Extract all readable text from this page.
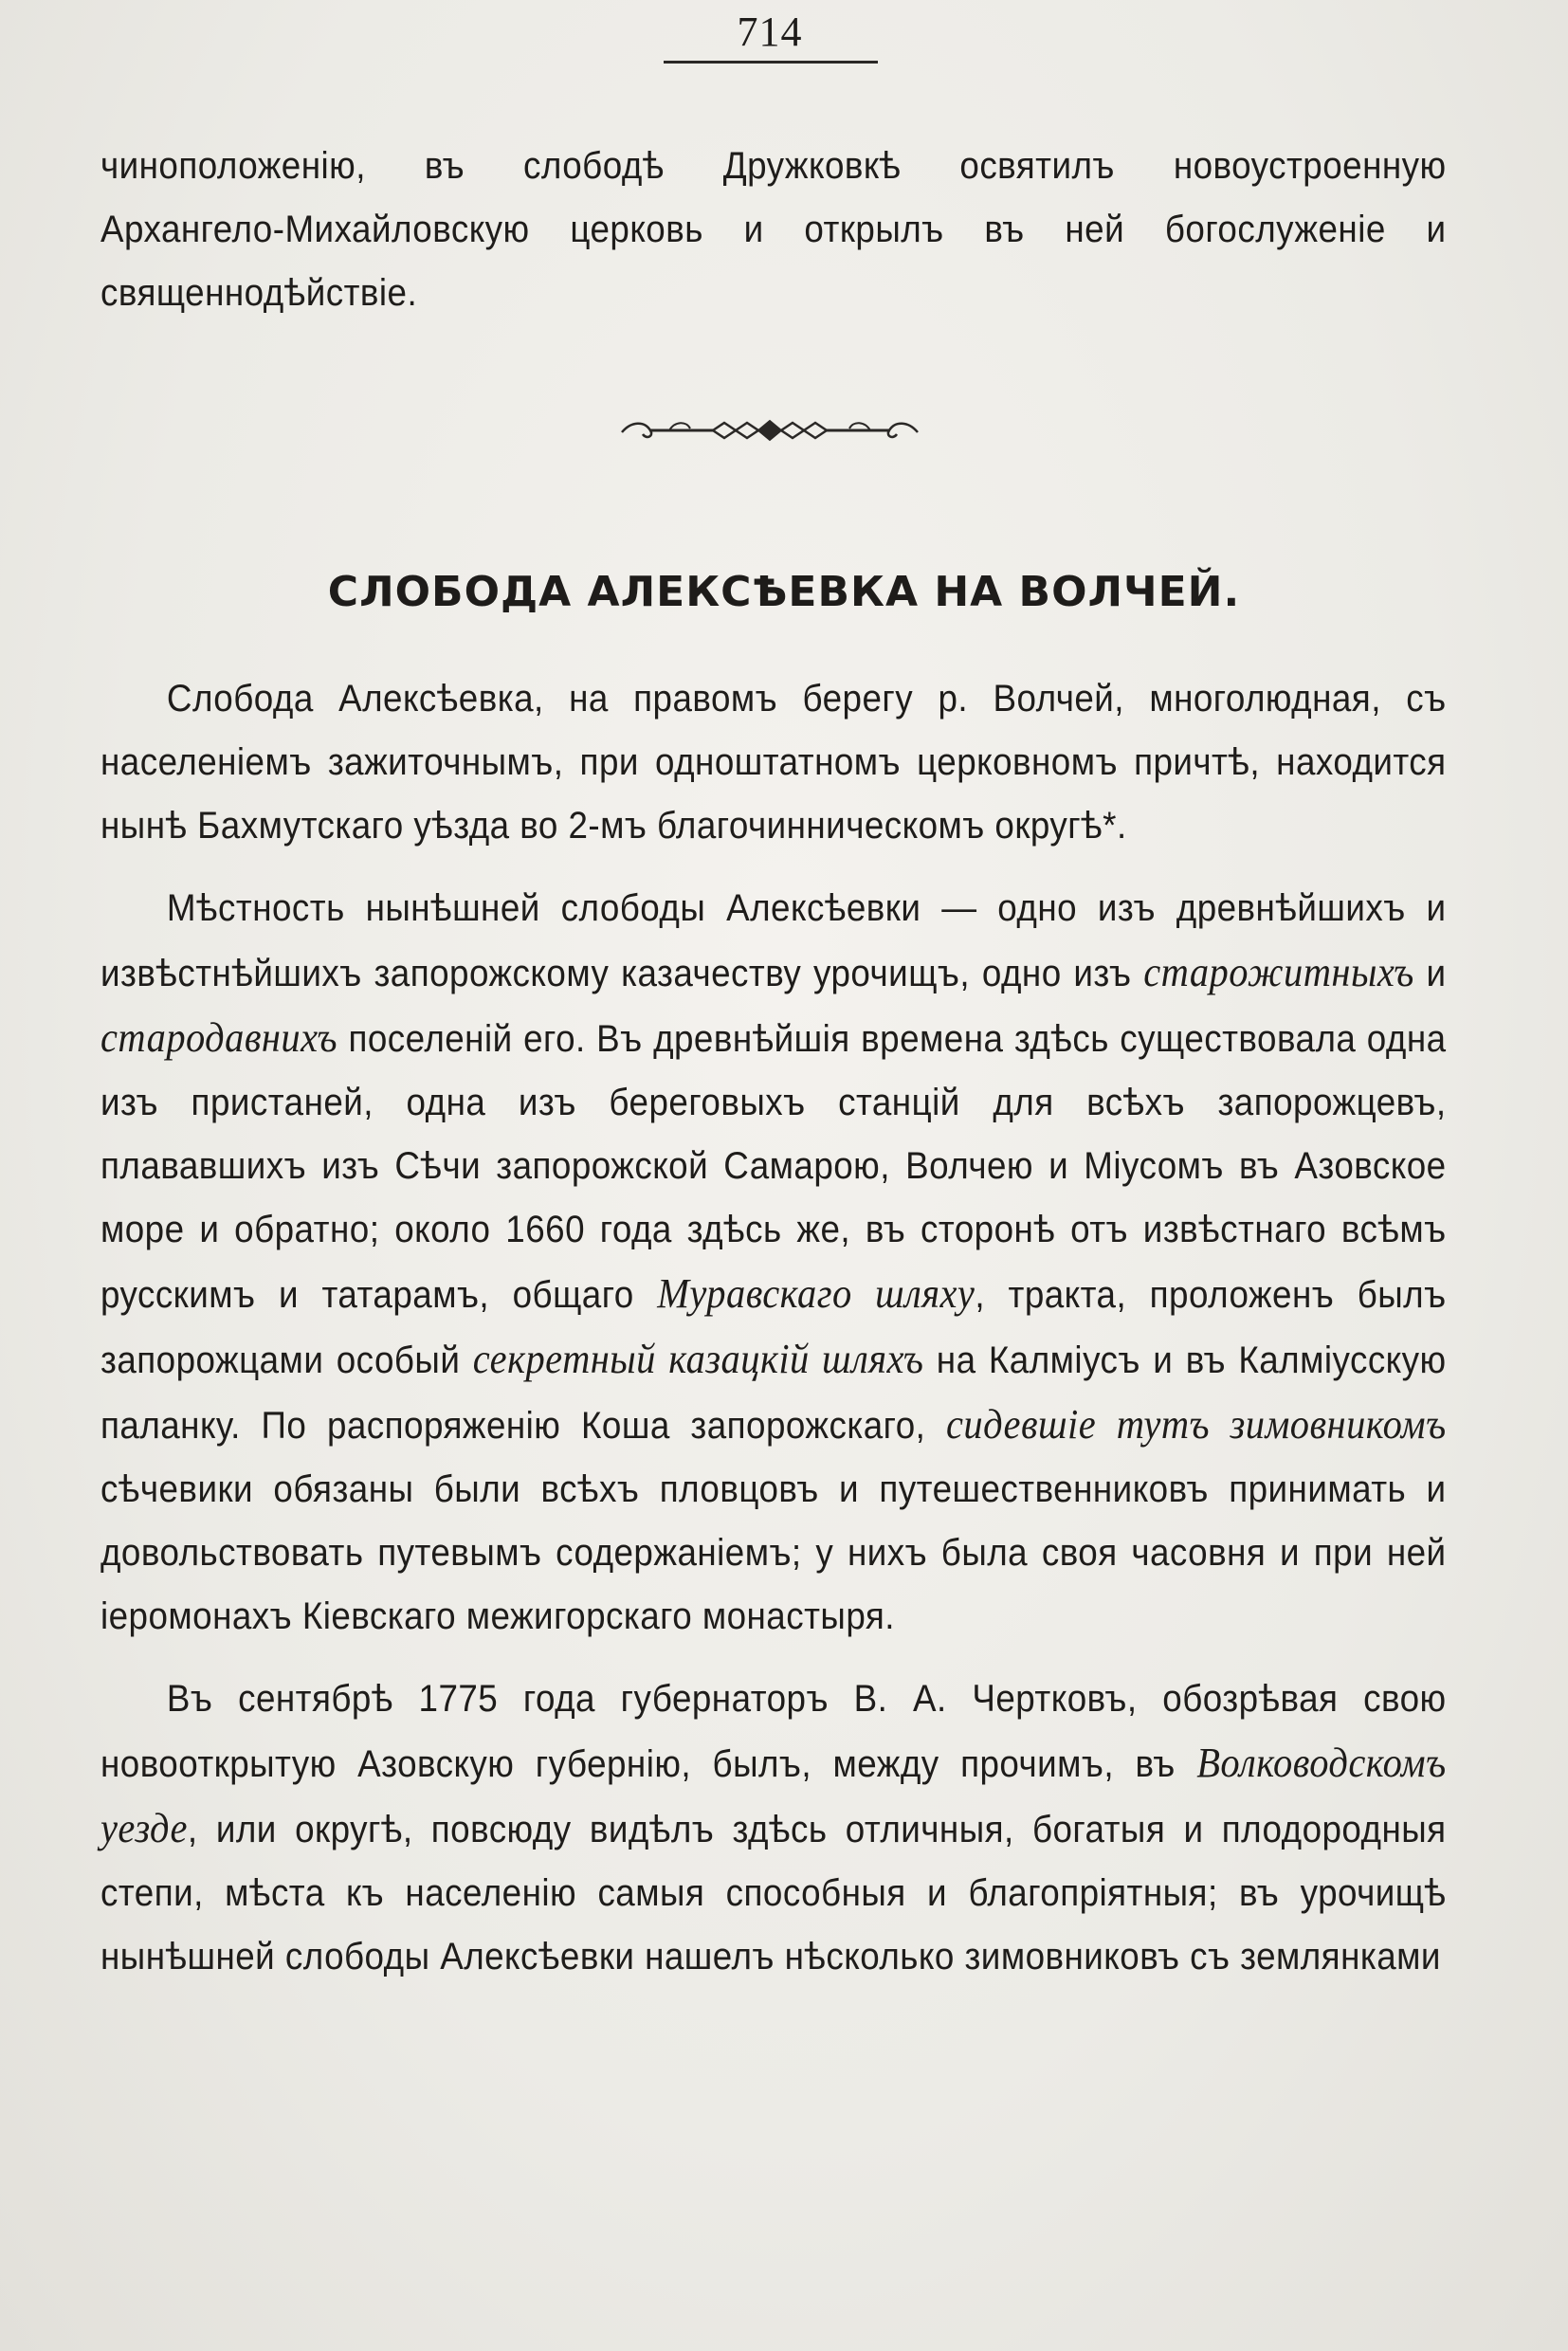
714

чиноположенію, въ слободѣ Дружковкѣ освятилъ новоустроенную
Архангело-Михайловскую церковь и открылъ въ ней богослуженіе и
священнодѣйствіе.

СЛОБОДА АЛЕКСѢЕВКА НА ВОЛЧЕЙ.

Слобода Алексѣевка, на правомъ берегу р. Волчей, многолюдная, съ населеніемъ зажиточнымъ, при одноштатномъ церковномъ причтѣ, находится нынѣ Бахмутскаго уѣзда во 2-мъ благочинническомъ округѣ*.

Мѣстность нынѣшней слободы Алексѣевки — одно изъ древнѣйшихъ и извѣстнѣйшихъ запорожскому казачеству урочищъ, одно изъ старожитныхъ и стародавнихъ поселеній его. Въ древнѣйшія времена здѣсь существовала одна изъ пристаней, одна изъ береговыхъ станцій для всѣхъ запорожцевъ, плававшихъ изъ Сѣчи запорожской Самарою, Волчею и Міусомъ въ Азовское море и обратно; около 1660 года здѣсь же, въ сторонѣ отъ извѣстнаго всѣмъ русскимъ и татарамъ, общаго Муравскаго шляху, тракта, проложенъ былъ запорожцами особый секретный казацкій шляхъ на Калміусъ и въ Калміусскую паланку. По распоряженію Коша запорожскаго, сидевшіе тутъ зимовникомъ сѣчевики обязаны были всѣхъ пловцовъ и путешественниковъ принимать и довольствовать путевымъ содержаніемъ; у нихъ была своя часовня и при ней іеромонахъ Кіевскаго межигорскаго монастыря.

Въ сентябрѣ 1775 года губернаторъ В. А. Чертковъ, обозрѣвая свою новооткрытую Азовскую губернію, былъ, между прочимъ, въ Волководскомъ уезде, или округѣ, повсюду видѣлъ здѣсь отличныя, богатыя и плодородныя степи, мѣста къ населенію самыя способныя и благопріятныя; въ урочищѣ нынѣшней слободы Алексѣевки нашелъ нѣсколько зимовниковъ съ землянками
